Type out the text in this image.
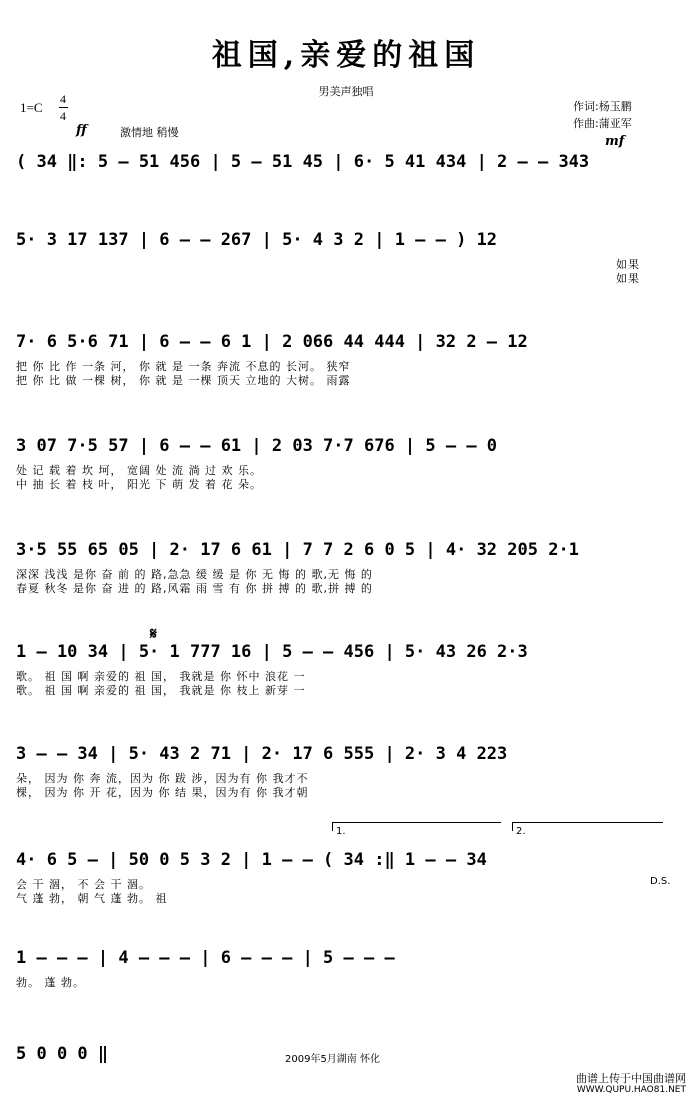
祖国,亲爱的祖国
男美声独唱
1=C
4
4
作词:杨玉鹏
作曲:蒲亚军
ff	激情地 稍慢
mf
( 34 ‖: 5 – 51 456 | 5 – 51 45 | 6· 5 41 434 | 2 – – 343
5· 3 17 137 | 6 – – 267 | 5· 4 3 2 | 1 – – ) 12
如果
如果
7· 6 5·6 71 | 6 – – 6 1 | 2 066 44 444 | 32 2 – 12
把 你 比 作 一条 河， 你 就 是 一条 奔流 不息的 长河。 狭窄
把 你 比 做 一棵 树， 你 就 是 一棵 顶天 立地的 大树。 雨露
3 07 7·5 57 | 6 – – 61 | 2 03 7·7 676 | 5 – – 0
处 记 载 着 坎 坷， 宽阔 处 流 淌 过 欢 乐。
中 抽 长 着 枝 叶， 阳光 下 萌 发 着 花 朵。
3·5 55 65 05 | 2· 17 6 61 | 7 7 2 6 0 5 | 4· 32 205 2·1
深深 浅浅 是你 奋 前 的 路,急急 缓 缓 是 你 无 悔 的 歌,无 悔 的
春夏 秋冬 是你 奋 进 的 路,风霜 雨 雪 有 你 拼 搏 的 歌,拼 搏 的
1 – 10 34 | 5· 1 777 16 | 5 – – 456 | 5· 43 26 2·3
歌。 祖 国 啊 亲爱的 祖 国， 我就是 你 怀中 浪花 一
歌。 祖 国 啊 亲爱的 祖 国， 我就是 你 枝上 新芽 一
𝄋
3 – – 34 | 5· 43 2 71 | 2· 17 6 555 | 2· 3 4 223
朵， 因为 你 奔 流，因为 你 跋 涉，因为有 你 我才不
棵， 因为 你 开 花，因为 你 结 果，因为有 你 我才朝
1.	2.
4· 6 5 – | 50 0 5 3 2 | 1 – – ( 34 :‖ 1 – – 34
会 干 涸， 不 会 干 涸。
气 蓬 勃， 朝 气 蓬 勃。 祖
D.S.
1 – – – | 4 – – – | 6 – – – | 5 – – –
勃。 蓬 勃。
5 0 0 0 ‖	2009年5月湖南 怀化
曲谱上传于中国曲谱网
WWW.QUPU.HAO81.NET
